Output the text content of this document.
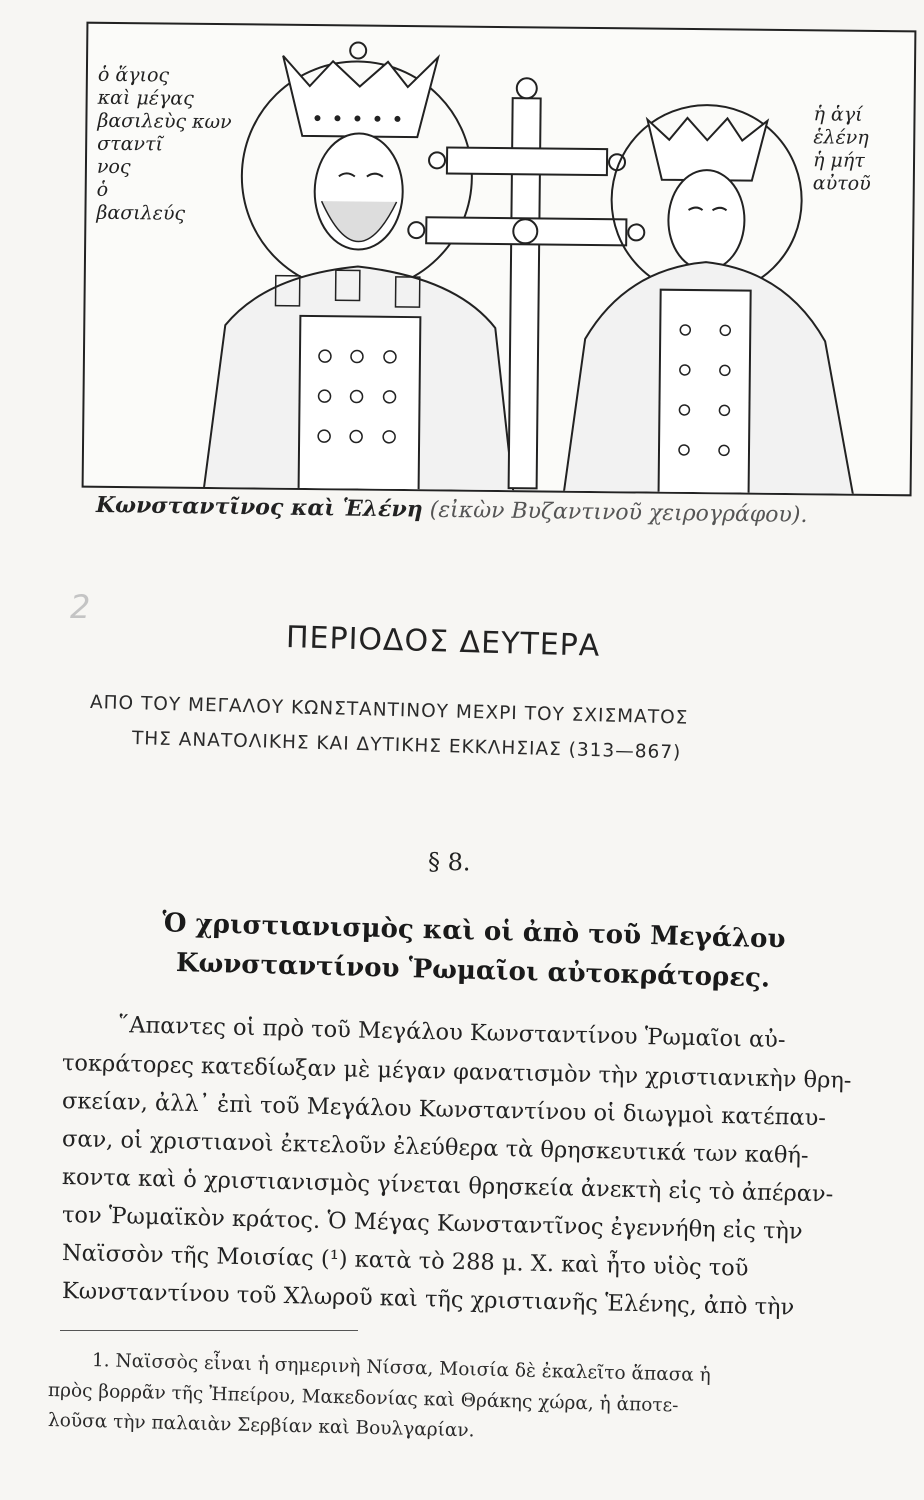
ὁ ἅγιος
καὶ μέγας
βασιλεὺς κων
σταντῖ
νος
ὁ
βασιλεύς
ἡ ἁγί
ἑλένη
ἡ μήτ
αὐτοῦ
Κωνσταντῖνος καὶ Ἑλένη (εἰκὼν Βυζαντινοῦ χειρογράφου).
2
ΠΕΡΙΟΔΟΣ ΔΕΥΤΕΡΑ
ΑΠΟ ΤΟΥ ΜΕΓΑΛΟΥ ΚΩΝΣΤΑΝΤΙΝΟΥ ΜΕΧΡΙ ΤΟΥ ΣΧΙΣΜΑΤΟΣ
ΤΗΣ ΑΝΑΤΟΛΙΚΗΣ ΚΑΙ ΔΥΤΙΚΗΣ ΕΚΚΛΗΣΙΑΣ (313—867)
§ 8.
Ὁ χριστιανισμὸς καὶ οἱ ἀπὸ τοῦ Μεγάλου
Κωνσταντίνου Ῥωμαῖοι αὐτοκράτορες.
῞Απαντες οἱ πρὸ τοῦ Μεγάλου Κωνσταντίνου Ῥωμαῖοι αὐ-
τοκράτορες κατεδίωξαν μὲ μέγαν φανατισμὸν τὴν χριστιανικὴν θρη-
σκείαν, ἀλλ᾽ ἐπὶ τοῦ Μεγάλου Κωνσταντίνου οἱ διωγμοὶ κατέπαυ-
σαν, οἱ χριστιανοὶ ἐκτελοῦν ἐλεύθερα τὰ θρησκευτικά των καθή-
κοντα καὶ ὁ χριστιανισμὸς γίνεται θρησκεία ἀνεκτὴ εἰς τὸ ἀπέραν-
τον Ῥωμαϊκὸν κράτος. Ὁ Μέγας Κωνσταντῖνος ἐγεννήθη εἰς τὴν
Ναϊσσὸν τῆς Μοισίας (¹) κατὰ τὸ 288 μ. Χ. καὶ ἦτο υἱὸς τοῦ
Κωνσταντίνου τοῦ Χλωροῦ καὶ τῆς χριστιανῆς Ἑλένης, ἀπὸ τὴν
1. Ναϊσσὸς εἶναι ἡ σημερινὴ Νίσσα, Μοισία δὲ ἐκαλεῖτο ἅπασα ἡ
πρὸς βορρᾶν τῆς Ἠπείρου, Μακεδονίας καὶ Θράκης χώρα, ἡ ἀποτε-
λοῦσα τὴν παλαιὰν Σερβίαν καὶ Βουλγαρίαν.
